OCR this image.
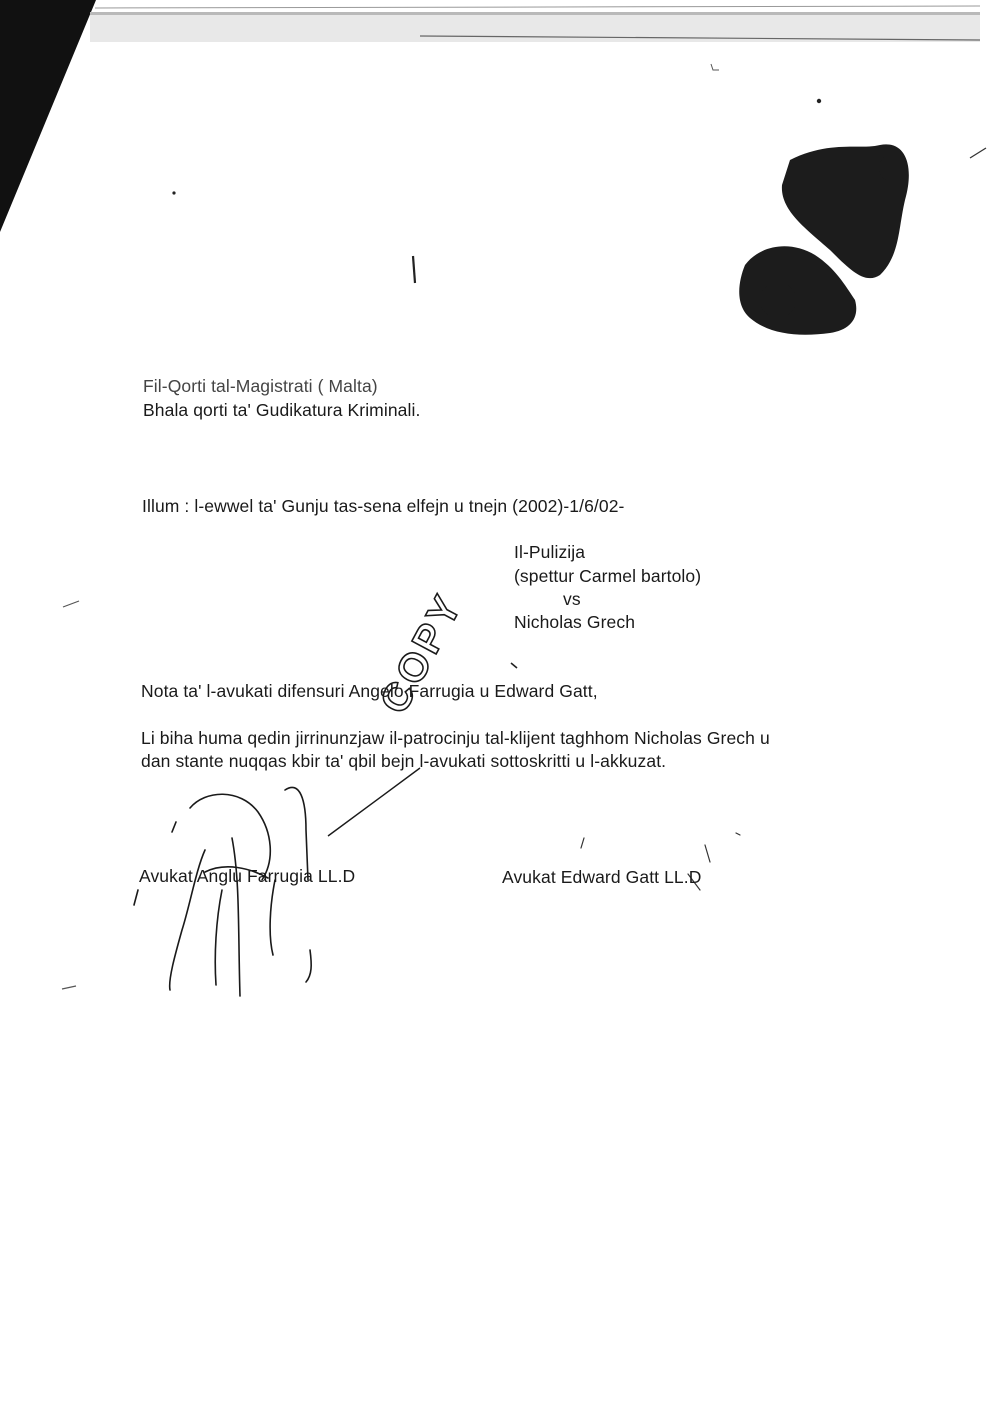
Fil-Qorti tal-Magistrati ( Malta)
Bhala qorti ta' Gudikatura Kriminali.
Illum : l-ewwel ta' Gunju tas-sena elfejn u tnejn (2002)-1/6/02-
Il-Pulizija
(spettur Carmel bartolo)
vs
Nicholas Grech
Nota ta' l-avukati difensuri Angelo Farrugia u Edward Gatt,
Li biha huma qedin jirrinunzjaw il-patrocinju tal-klijent taghhom Nicholas Grech u
dan stante nuqqas kbir ta' qbil bejn l-avukati sottoskritti u l-akkuzat.
Avukat Anglu Farrugia LL.D	Avukat Edward Gatt LL.D
COPY
